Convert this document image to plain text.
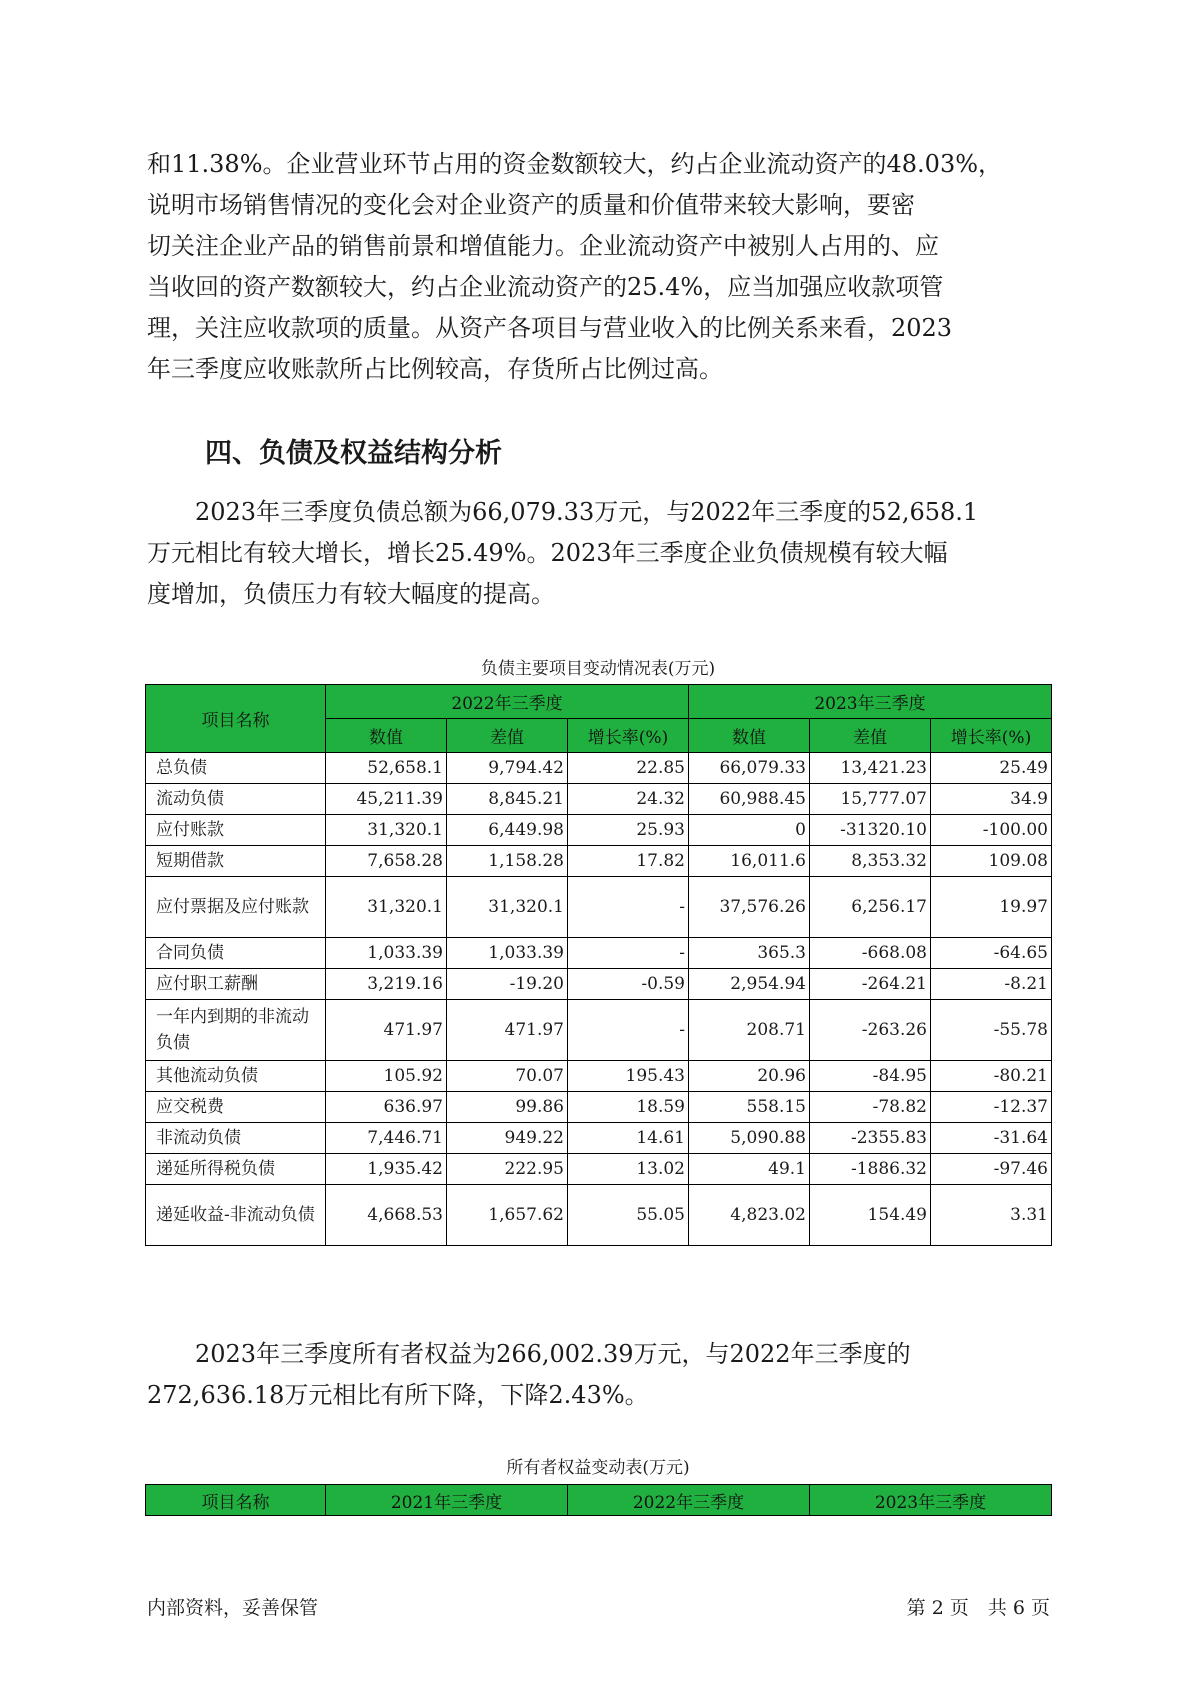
和11.38%。企业营业环节占用的资金数额较大，约占企业流动资产的48.03%，
说明市场销售情况的变化会对企业资产的质量和价值带来较大影响，要密
切关注企业产品的销售前景和增值能力。企业流动资产中被别人占用的、应
当收回的资产数额较大，约占企业流动资产的25.4%，应当加强应收款项管
理，关注应收款项的质量。从资产各项目与营业收入的比例关系来看，2023
年三季度应收账款所占比例较高，存货所占比例过高。
四、负债及权益结构分析
　　2023年三季度负债总额为66,079.33万元，与2022年三季度的52,658.1
万元相比有较大增长，增长25.49%。2023年三季度企业负债规模有较大幅
度增加，负债压力有较大幅度的提高。
负债主要项目变动情况表(万元)
项目名称	2022年三季度			2023年三季度		
	数值	差值	增长率(%)	数值	差值	增长率(%)
总负债	52,658.1	9,794.42	22.85	66,079.33	13,421.23	25.49
流动负债	45,211.39	8,845.21	24.32	60,988.45	15,777.07	34.9
应付账款	31,320.1	6,449.98	25.93	0	-31320.10	-100.00
短期借款	7,658.28	1,158.28	17.82	16,011.6	8,353.32	109.08
应付票据及应付账款	31,320.1	31,320.1	-	37,576.26	6,256.17	19.97
合同负债	1,033.39	1,033.39	-	365.3	-668.08	-64.65
应付职工薪酬	3,219.16	-19.20	-0.59	2,954.94	-264.21	-8.21
一年内到期的非流动负债	471.97	471.97	-	208.71	-263.26	-55.78
其他流动负债	105.92	70.07	195.43	20.96	-84.95	-80.21
应交税费	636.97	99.86	18.59	558.15	-78.82	-12.37
非流动负债	7,446.71	949.22	14.61	5,090.88	-2355.83	-31.64
递延所得税负债	1,935.42	222.95	13.02	49.1	-1886.32	-97.46
递延收益-非流动负债	4,668.53	1,657.62	55.05	4,823.02	154.49	3.31
　　2023年三季度所有者权益为266,002.39万元，与2022年三季度的
272,636.18万元相比有所下降，下降2.43%。
所有者权益变动表(万元)
项目名称	2021年三季度	2022年三季度	2023年三季度
内部资料，妥善保管	第 2 页　共 6 页
